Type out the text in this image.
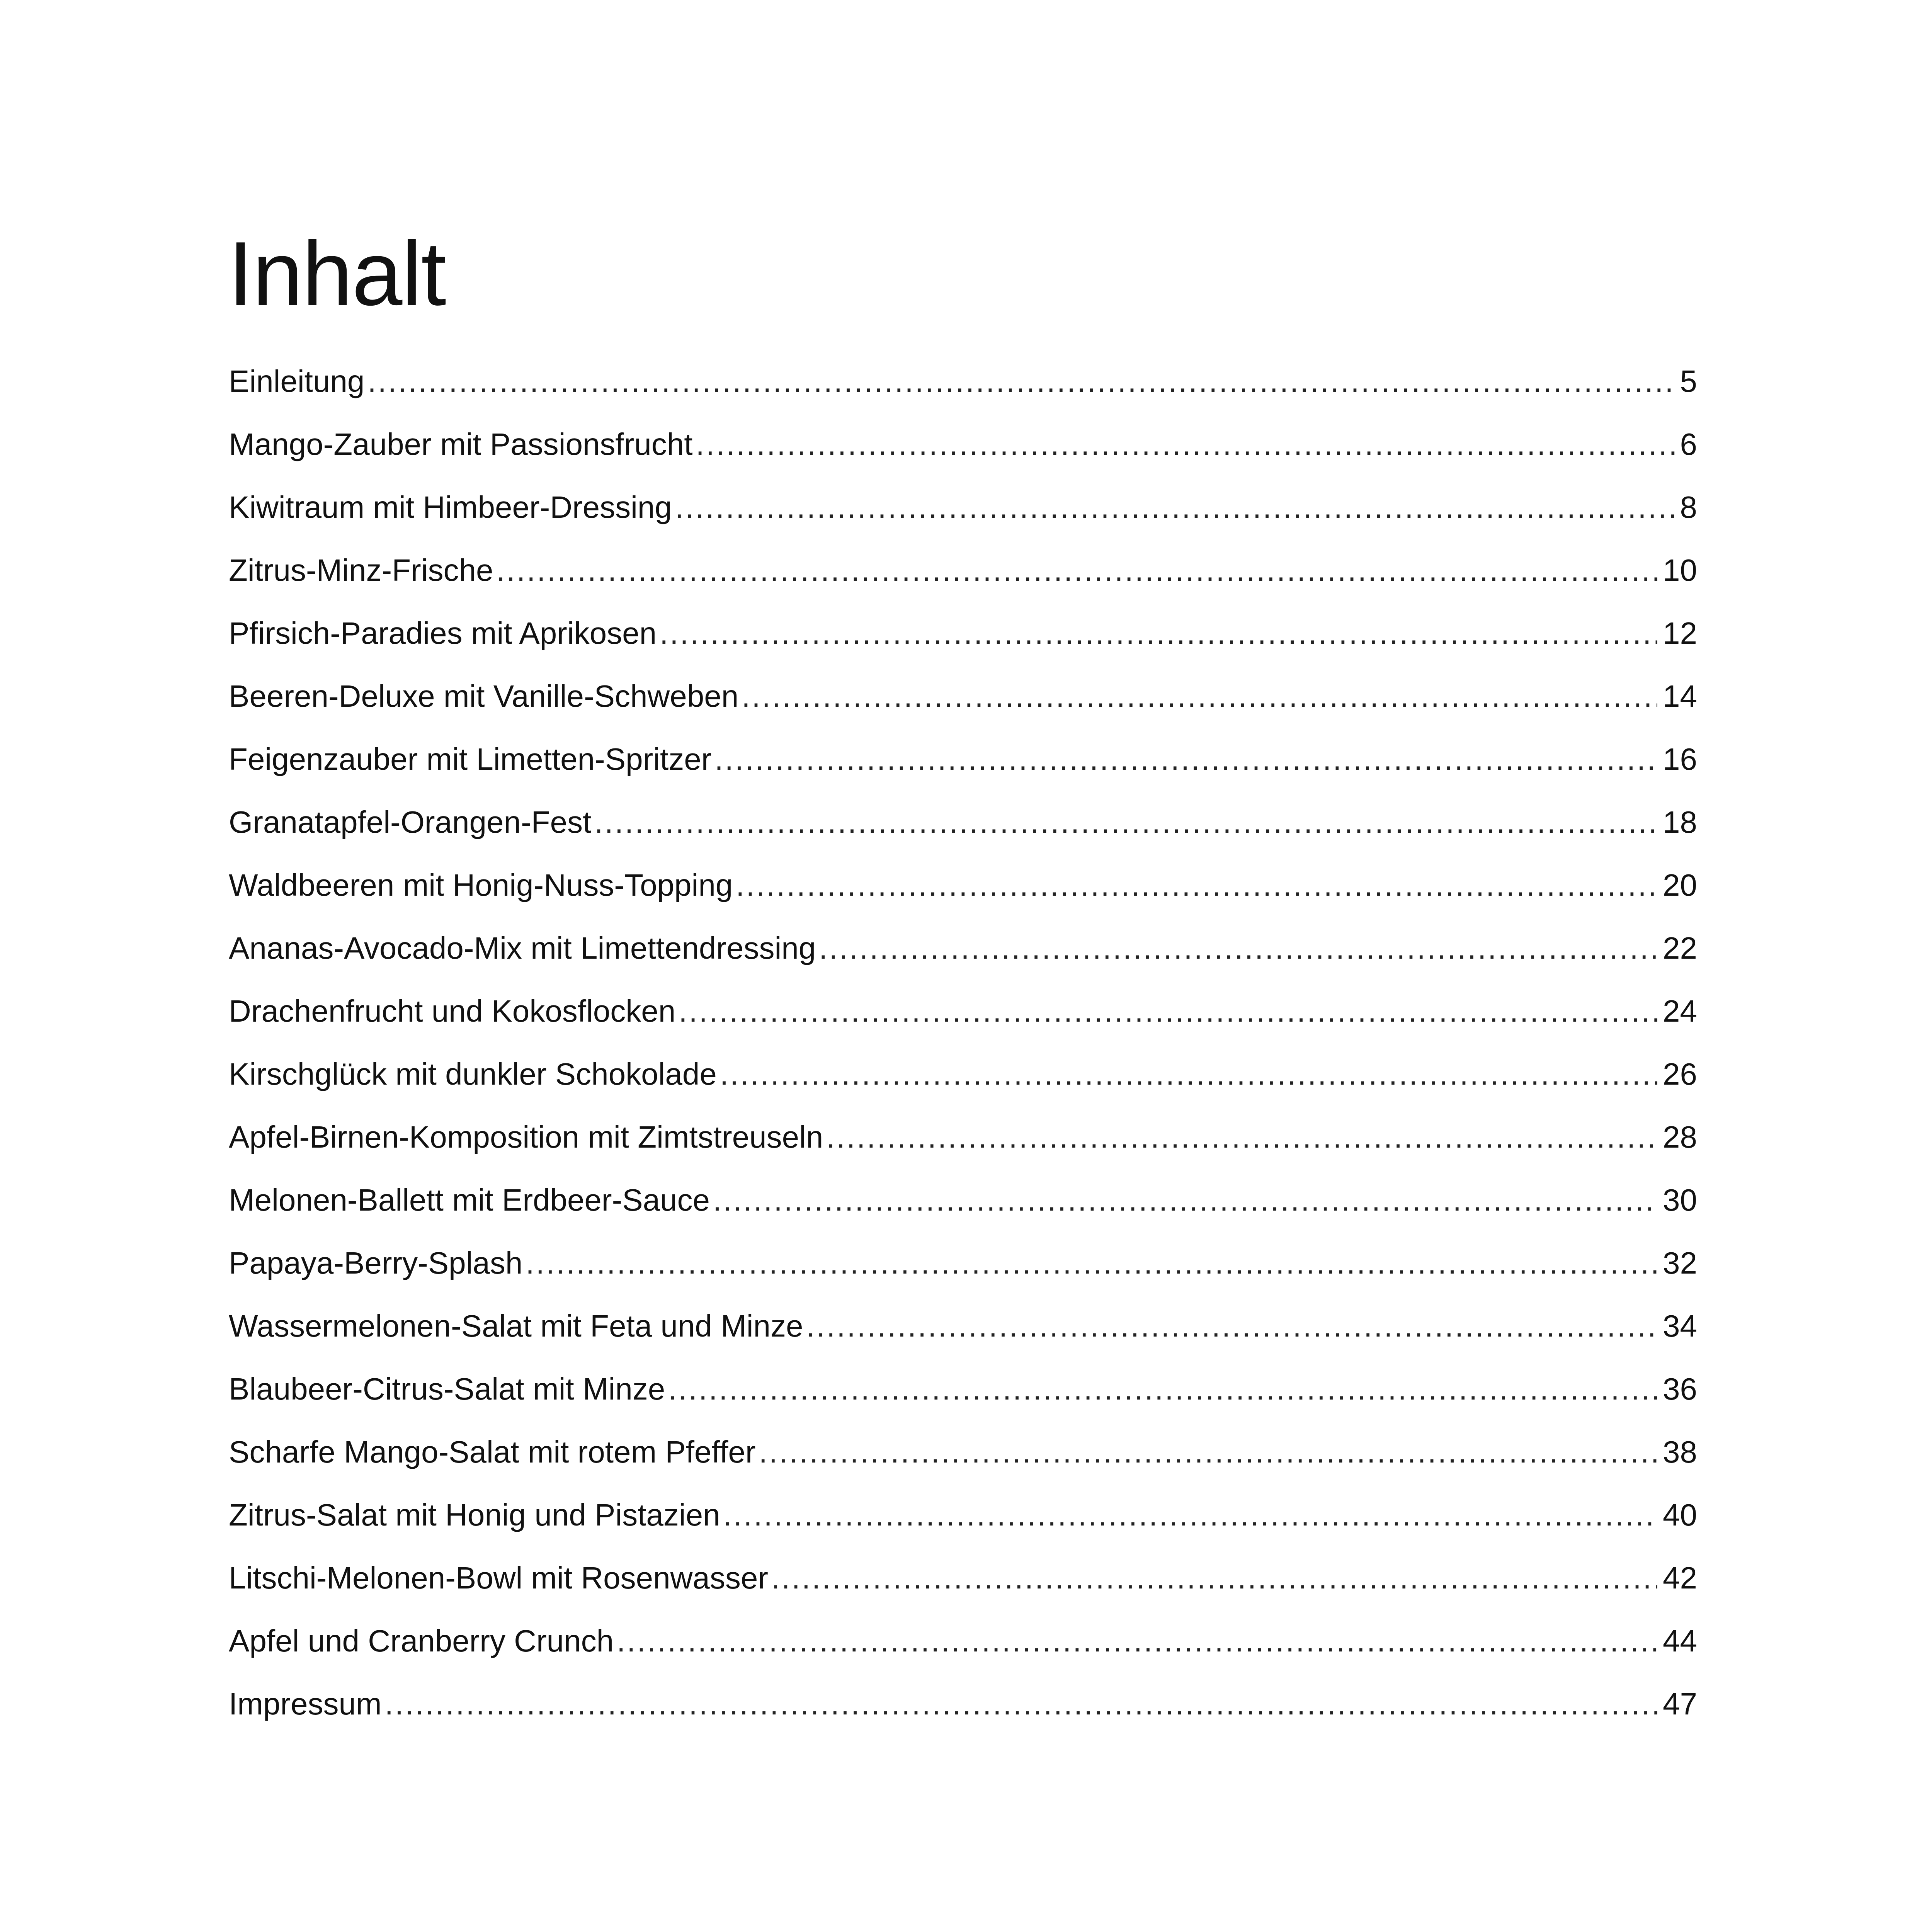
Inhalt
Einleitung .....	5
Mango-Zauber mit Passionsfrucht .....	6
Kiwitraum mit Himbeer-Dressing .....	8
Zitrus-Minz-Frische .....	10
Pfirsich-Paradies mit Aprikosen .....	12
Beeren-Deluxe mit Vanille-Schweben .....	14
Feigenzauber mit Limetten-Spritzer .....	16
Granatapfel-Orangen-Fest .....	18
Waldbeeren mit Honig-Nuss-Topping .....	20
Ananas-Avocado-Mix mit Limettendressing .....	22
Drachenfrucht und Kokosflocken .....	24
Kirschglück mit dunkler Schokolade .....	26
Apfel-Birnen-Komposition mit Zimtstreuseln .....	28
Melonen-Ballett mit Erdbeer-Sauce .....	30
Papaya-Berry-Splash .....	32
Wassermelonen-Salat mit Feta und Minze .....	34
Blaubeer-Citrus-Salat mit Minze .....	36
Scharfe Mango-Salat mit rotem Pfeffer .....	38
Zitrus-Salat mit Honig und Pistazien .....	40
Litschi-Melonen-Bowl mit Rosenwasser .....	42
Apfel und Cranberry Crunch .....	44
Impressum .....	47
